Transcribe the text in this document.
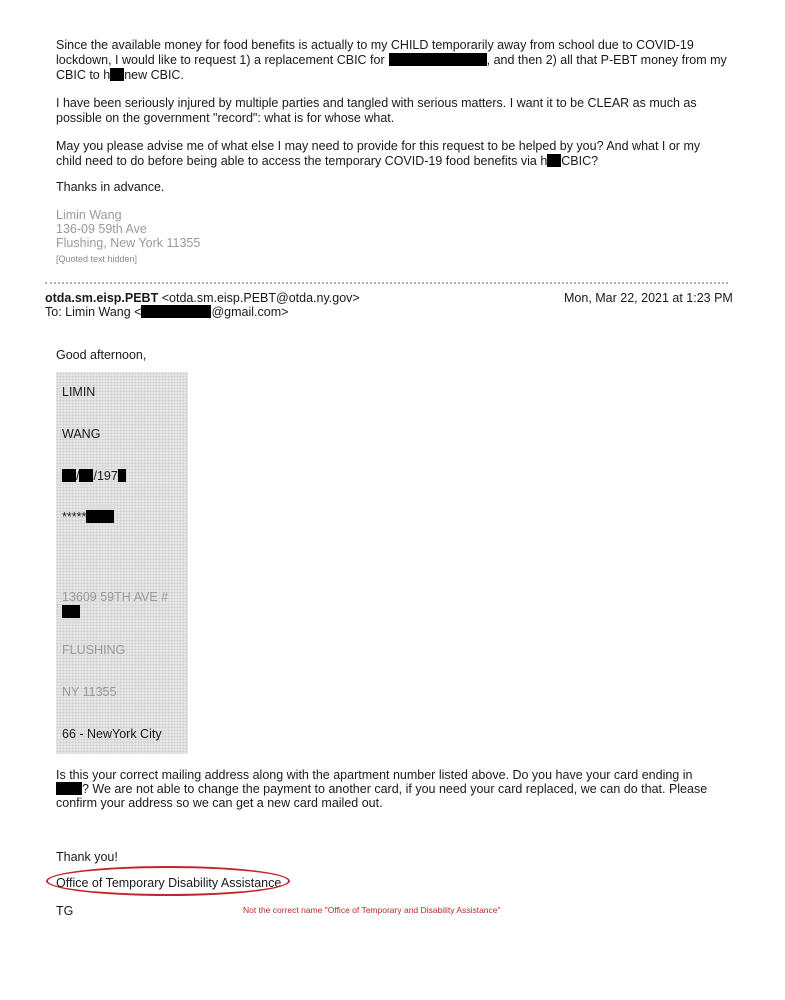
Since the available money for food benefits is actually to my CHILD temporarily away from school due to COVID-19
lockdown, I would like to request 1) a replacement CBIC for	, and then 2) all that P-EBT money from my
CBIC to h new CBIC.
I have been seriously injured by multiple parties and tangled with serious matters. I want it to be CLEAR as much as
possible on the government "record": what is for whose what.
May you please advise me of what else I may need to provide for this request to be helped by you? And what I or my
child need to do before being able to access the temporary COVID-19 food benefits via h CBIC?
Thanks in advance.
Limin Wang
136-09 59th Ave
Flushing, New York 11355
[Quoted text hidden]
otda.sm.eisp.PEBT <otda.sm.eisp.PEBT@otda.ny.gov>	Mon, Mar 22, 2021 at 1:23 PM
To: Limin Wang <	@gmail.com>
Good afternoon,
LIMIN
WANG
/ /197
*****
13609 59TH AVE #
FLUSHING
NY 11355
66 - NewYork City
Is this your correct mailing address along with the apartment number listed above. Do you have your card ending in
? We are not able to change the payment to another card, if you need your card replaced, we can do that. Please
confirm your address so we can get a new card mailed out.
Thank you!
Office of Temporary Disability Assistance
TG	Not the correct name "Office of Temporary and Disability Assistance"
